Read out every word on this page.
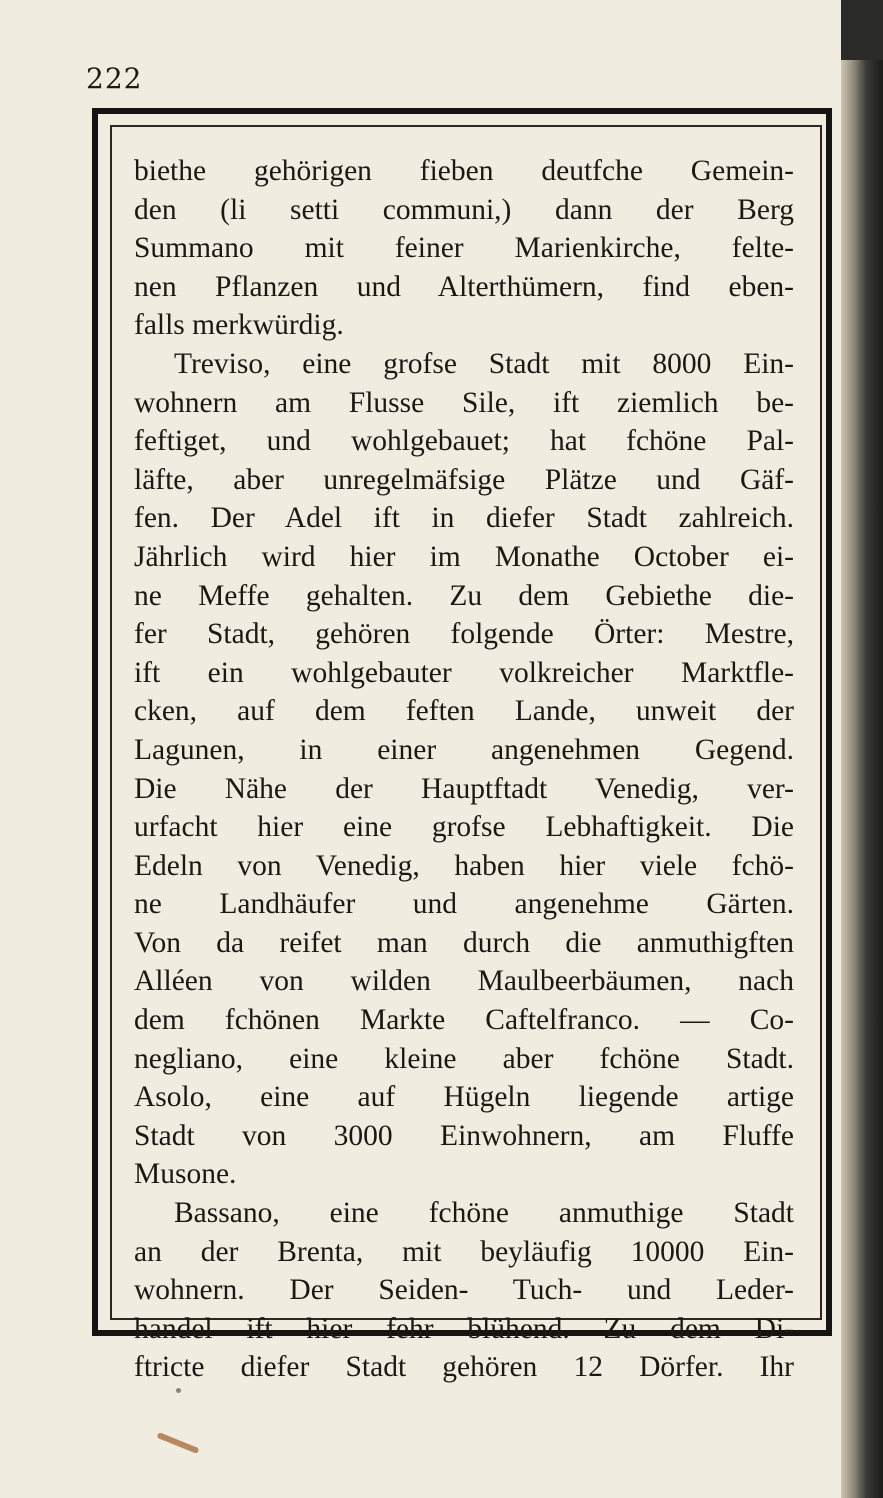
222
biethe gehörigen fieben deutfche Gemein-
den (li setti communi,) dann der Berg
Summano mit feiner Marienkirche, felte-
nen Pflanzen und Alterthümern, find eben-
falls merkwürdig.
Treviso, eine grofse Stadt mit 8000 Ein-
wohnern am Flusse Sile, ift ziemlich be-
feftiget, und wohlgebauet; hat fchöne Pal-
läfte, aber unregelmäfsige Plätze und Gäf-
fen. Der Adel ift in diefer Stadt zahlreich.
Jährlich wird hier im Monathe October ei-
ne Meffe gehalten. Zu dem Gebiethe die-
fer Stadt, gehören folgende Örter: Mestre,
ift ein wohlgebauter volkreicher Marktfle-
cken, auf dem feften Lande, unweit der
Lagunen, in einer angenehmen Gegend.
Die Nähe der Hauptftadt Venedig, ver-
urfacht hier eine grofse Lebhaftigkeit. Die
Edeln von Venedig, haben hier viele fchö-
ne Landhäufer und angenehme Gärten.
Von da reifet man durch die anmuthigften
Alléen von wilden Maulbeerbäumen, nach
dem fchönen Markte Caftelfranco. — Co-
negliano, eine kleine aber fchöne Stadt.
Asolo, eine auf Hügeln liegende artige
Stadt von 3000 Einwohnern, am Fluffe
Musone.
Bassano, eine fchöne anmuthige Stadt
an der Brenta, mit beyläufig 10000 Ein-
wohnern. Der Seiden- Tuch- und Leder-
handel ift hier fehr blühend. Zu dem Di-
ftricte diefer Stadt gehören 12 Dörfer. Ihr
